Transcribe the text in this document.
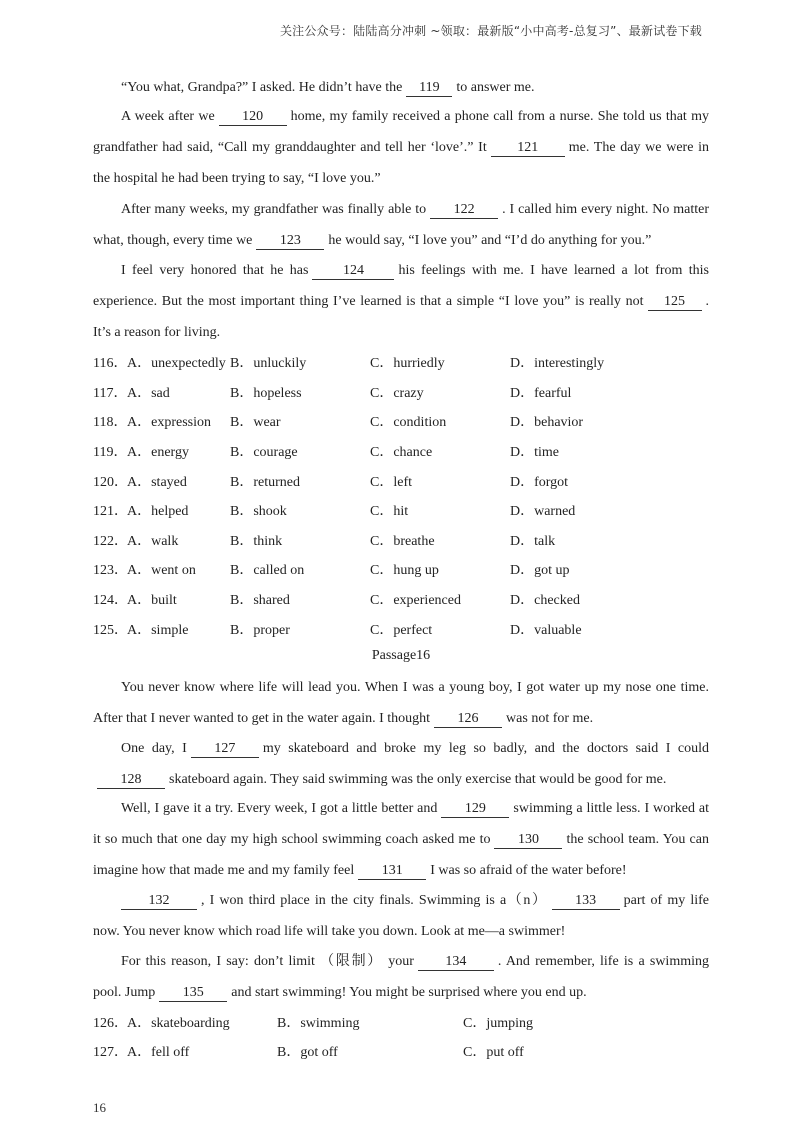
关注公众号：陆陆高分冲刺 ~领取：最新版“小中高考-总复习”、最新试卷下载
“You what, Grandpa?” I asked. He didn’t have the 119 to answer me.
A week after we 120 home, my family received a phone call from a nurse. She told us that my grandfather had said, “Call my granddaughter and tell her ‘love’.” It 121 me. The day we were in the hospital he had been trying to say, “I love you.”
After many weeks, my grandfather was finally able to 122 . I called him every night. No matter what, though, every time we 123 he would say, “I love you” and “I’d do anything for you.”
I feel very honored that he has 124 his feelings with me. I have learned a lot from this experience. But the most important thing I’ve learned is that a simple “I love you” is really not 125 . It’s a reason for living.
116． A．unexpectedly B．unluckily	C．hurriedly	D．interestingly
117． A．sad	B．hopeless	C．crazy	D．fearful
118． A．expression B．wear	C．condition	D．behavior
119． A．energy	B．courage	C．chance	D．time
120． A．stayed	B．returned	C．left	D．forgot
121． A．helped	B．shook	C．hit	D．warned
122． A．walk	B．think	C．breathe	D．talk
123． A．went on B．called on	C．hung up	D．got up
124． A．built	B．shared	C．experienced	D．checked
125． A．simple	B．proper	C．perfect	D．valuable
Passage16
You never know where life will lead you. When I was a young boy, I got water up my nose one time. After that I never wanted to get in the water again. I thought 126 was not for me.
One day, I 127 my skateboard and broke my leg so badly, and the doctors said I could128 skateboard again. They said swimming was the only exercise that would be good for me.
Well, I gave it a try. Every week, I got a little better and 129 swimming a little less. I worked at it so much that one day my high school swimming coach asked me to 130 the school team. You can imagine how that made me and my family feel 131 I was so afraid of the water before!
132 , I won third place in the city finals. Swimming is a（n） 133 part of my life now. You never know which road life will take you down. Look at me—a swimmer!
For this reason, I say: don’t limit （限制） your 134 . And remember, life is a swimming pool. Jump 135 and start swimming! You might be surprised where you end up.
126． A．skateboarding	B．swimming	C．jumping
127． A．fell off	B．got off	C．put off
16
